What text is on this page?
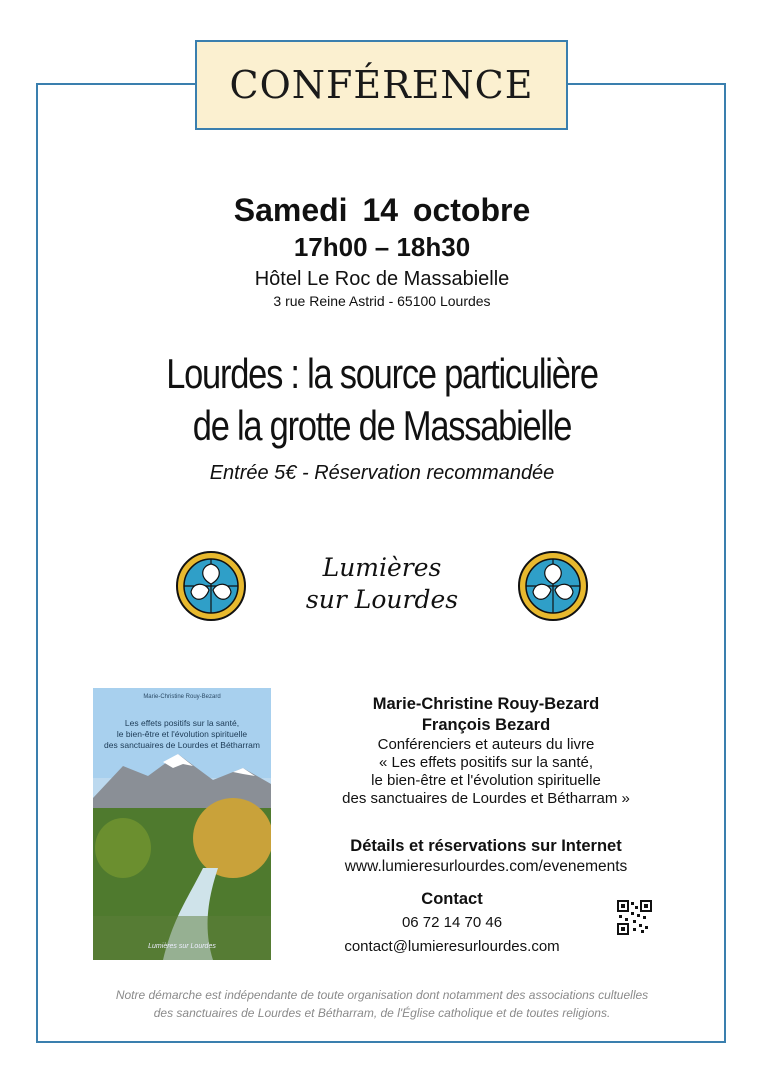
CONFÉRENCE
Samedi 14 octobre
17h00 – 18h30
Hôtel Le Roc de Massabielle
3 rue Reine Astrid - 65100 Lourdes
Lourdes : la source particulière
de la grotte de Massabielle
Entrée 5€ - Réservation recommandée
Lumières
sur Lourdes
Marie-Christine Rouy-Bezard
Les effets positifs sur la santé,
le bien-être et l'évolution spirituelle
des sanctuaires de Lourdes et Bétharram
Lumières sur Lourdes
Marie-Christine Rouy-Bezard
François Bezard
Conférenciers et auteurs du livre
« Les effets positifs sur la santé,
le bien-être et l'évolution spirituelle
des sanctuaires de Lourdes et Bétharram »
Détails et réservations sur Internet
www.lumieresurlourdes.com/evenements
Contact
06 72 14 70 46
contact@lumieresurlourdes.com
Notre démarche est indépendante de toute organisation dont notamment des associations cultuelles
des sanctuaires de Lourdes et Bétharram, de l'Église catholique et de toutes religions.
